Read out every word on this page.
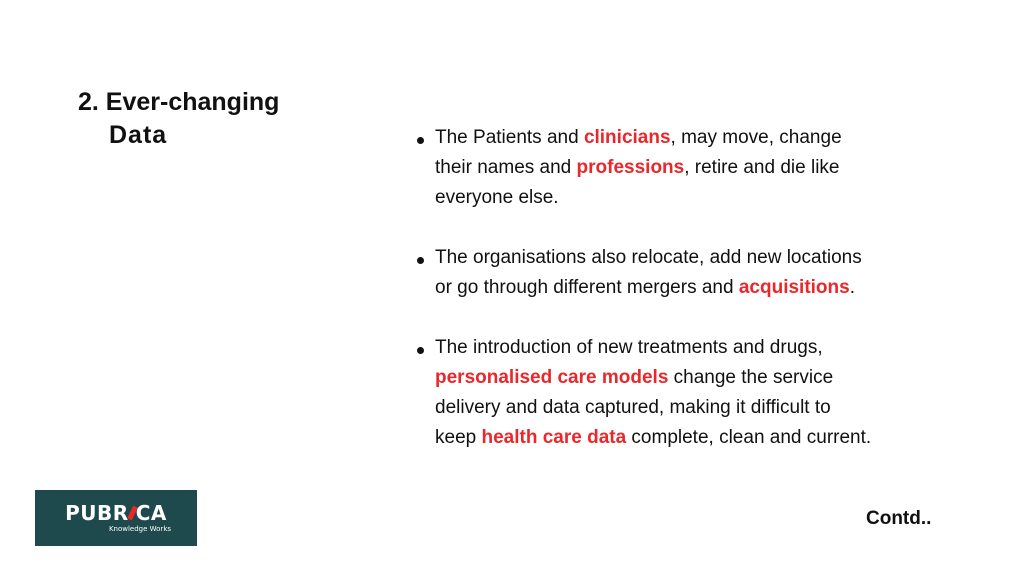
2. Ever-changing
Data	The Patients and clinicians, may move, change
their names and professions, retire and die like
everyone else.
The organisations also relocate, add new locations
or go through different mergers and acquisitions.
The introduction of new treatments and drugs,
personalised care models change the service
delivery and data captured, making it difficult to
keep health care data complete, clean and current.
PUBR CA
Knowledge Works	Contd..
